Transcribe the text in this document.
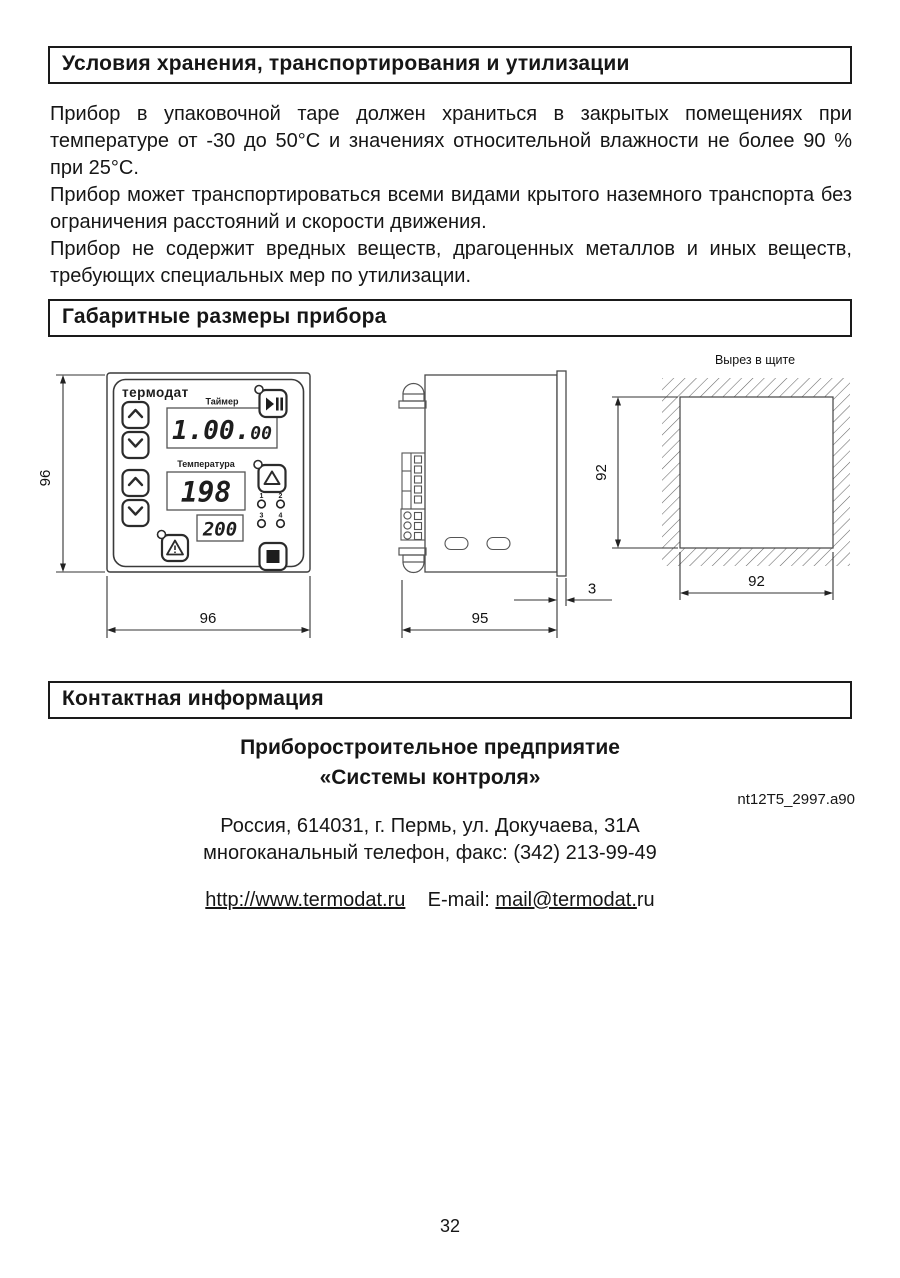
Условия хранения, транспортирования и утилизации

Прибор в упаковочной таре должен храниться в закрытых помещениях при температуре от -30 до 50°С и значениях относительной влажности не более 90 % при 25°С.

Прибор может транспортироваться всеми видами крытого наземного транспорта без ограничения расстояний и скорости движения.

Прибор не содержит вредных веществ, драгоценных металлов и иных веществ, требующих специальных мер по утилизации.

Габаритные размеры прибора
термодат
Таймер
1.00.00
Температура
198
200
1 2
3 4
96
96
3
95
Вырез в щите
92
92
Контактная информация

Приборостроительное предприятие

«Системы контроля»

nt12T5_2997.a90
Россия, 614031, г. Пермь, ул. Докучаева, 31А
многоканальный телефон, факс: (342) 213-99-49
http://www.termodat.ru E-mail: mail@termodat.ru
32
